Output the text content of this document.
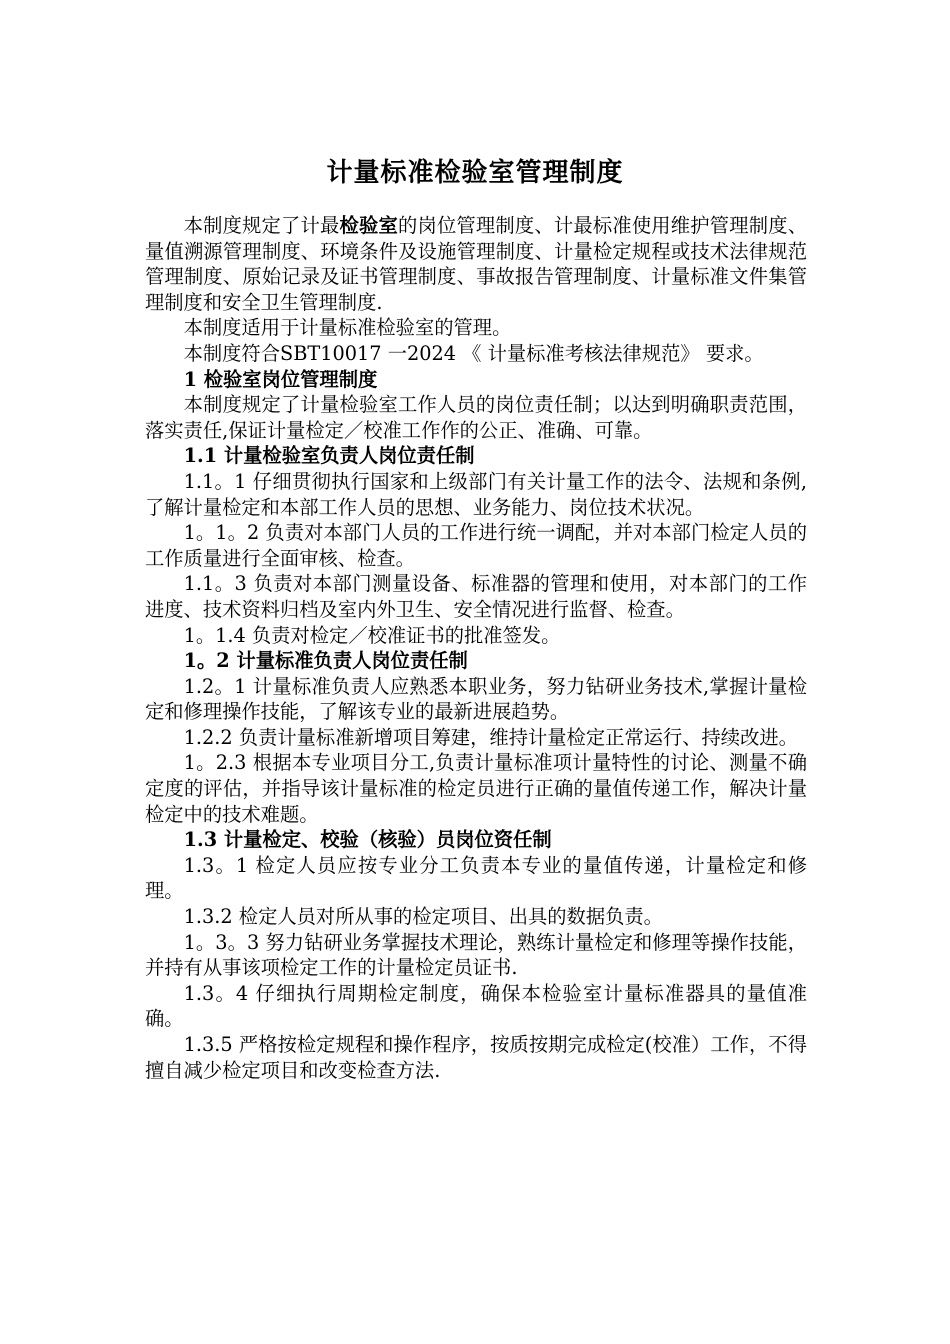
计量标准检验室管理制度

本制度规定了计最检验室的岗位管理制度、计最标准使用维护管理制度、量值溯源管理制度、环境条件及设施管理制度、计量检定规程或技术法律规范管理制度、原始记录及证书管理制度、事故报告管理制度、计量标准文件集管理制度和安全卫生管理制度.

本制度适用于计量标准检验室的管理。

本制度符合SBT10017 一2024 《 计量标准考核法律规范》 要求。

1 检验室岗位管理制度

本制度规定了计量检验室工作人员的岗位责任制；以达到明确职责范围，落实责任,保证计量检定／校准工作作的公正、准确、可靠。

1.1 计量检验室负责人岗位责任制

1.1。1 仔细贯彻执行国家和上级部门有关计量工作的法令、法规和条例,了解计量检定和本部工作人员的思想、业务能力、岗位技术状况。

1。1。2 负责对本部门人员的工作进行统一调配，并对本部门检定人员的工作质量进行全面审核、检查。

1.1。3 负责对本部门测量设备、标准器的管理和使用，对本部门的工作进度、技术资料归档及室内外卫生、安全情况进行监督、检查。

1。1.4 负责对检定／校准证书的批准签发。

1。2 计量标准负责人岗位责任制

1.2。1 计量标准负责人应熟悉本职业务，努力钻研业务技术,掌握计量检定和修理操作技能，了解该专业的最新进展趋势。

1.2.2 负责计量标准新增项目筹建，维持计量检定正常运行、持续改进。

1。2.3 根据本专业项目分工,负责计量标准项计量特性的讨论、测量不确定度的评估，并指导该计量标准的检定员进行正确的量值传递工作，解决计量检定中的技术难题。

1.3 计量检定、校验（核验）员岗位资任制

1.3。1 检定人员应按专业分工负责本专业的量值传递，计量检定和修理。

1.3.2 检定人员对所从事的检定项目、出具的数据负责。

1。3。3 努力钻研业务掌握技术理论，熟练计量检定和修理等操作技能，并持有从事该项检定工作的计量检定员证书.

1.3。4 仔细执行周期检定制度，确保本检验室计量标准器具的量值准确。

1.3.5 严格按检定规程和操作程序，按质按期完成检定(校准）工作，不得擅自减少检定项目和改变检查方法.
